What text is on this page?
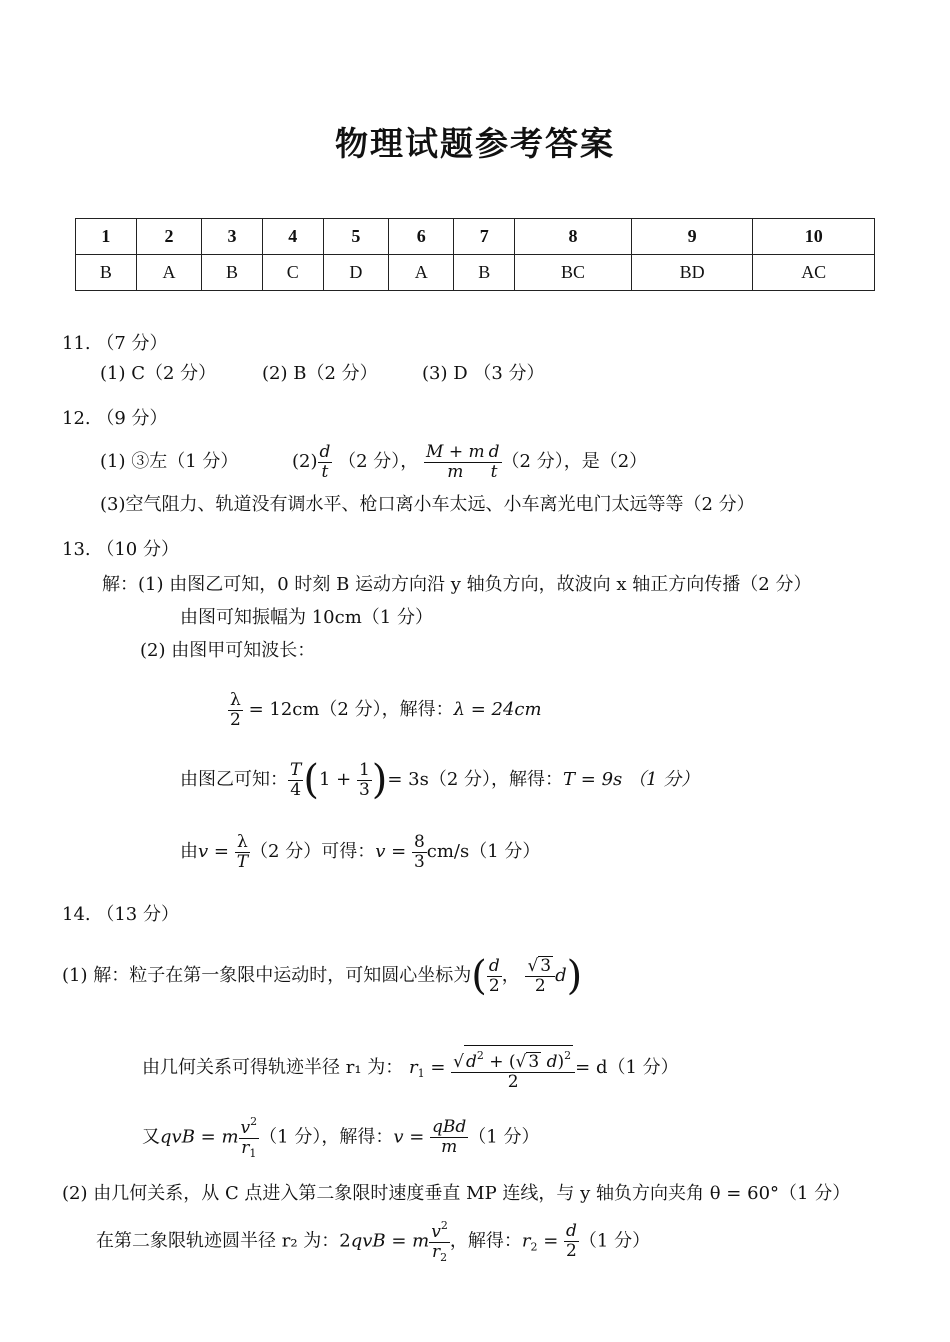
物理试题参考答案
1	2	3	4	5	6	7	8	9	10
B	A	B	C	D	A	B	BC	BD	AC
11. （7 分）
(1) C（2 分）	(2) B（2 分） (3) D （3 分）
12. （9 分）
(1) ③左（1 分）	$(2) \frac{d}{t} (2$ 分）， $\frac{M + m}{m} \frac{d}{t} (2$ 分），是（2）
(3)空气阻力、轨道没有调水平、枪口离小车太远、小车离光电门太远等等（2 分）
13. （10 分）
解：(1) 由图乙可知，0 时刻 B 运动方向沿 y 轴负方向，故波向 x 轴正方向传播（2 分）
由图可知振幅为 10cm（1 分）
(2) 由图甲可知波长：
$\frac{\lambda}{2} = 12cm(2$ 分），解得：λ = 24cm
由图乙可知： $\frac{T}{4} (1 + \frac{1}{3}$ )= 3s（2 分），解得：T = 9s （1 分）
由$v = \frac{\lambda}{T} (2$ 分）可得：$v = \frac{8}{3} cm/s(1$ 分）
14. （13 分）
(1) 解：粒子在第一象限中运动时，可知圆心坐标为( $\frac{d}{2}$ ， $\frac{√ 3}{2} d$)
由几何关系可得轨迹半径 r₁ 为： $r_1 = \frac{√ d^2 + (√ 3 d)^2}{2} = d(1$ 分）
又qvB = m $\frac{v^2}{r_1} (1$ 分），解得：$v = \frac{\text{qBd}}{m} (1$ 分）
(2) 由几何关系，从 C 点进入第二象限时速度垂直 MP 连线，与 y 轴负方向夹角 θ = 60°（1 分）
在第二象限轨迹圆半径 r₂ 为：2qvB = m $\frac{v^2}{r_2}$ ，解得：$r_2 = \frac{d}{2} (1$ 分）
